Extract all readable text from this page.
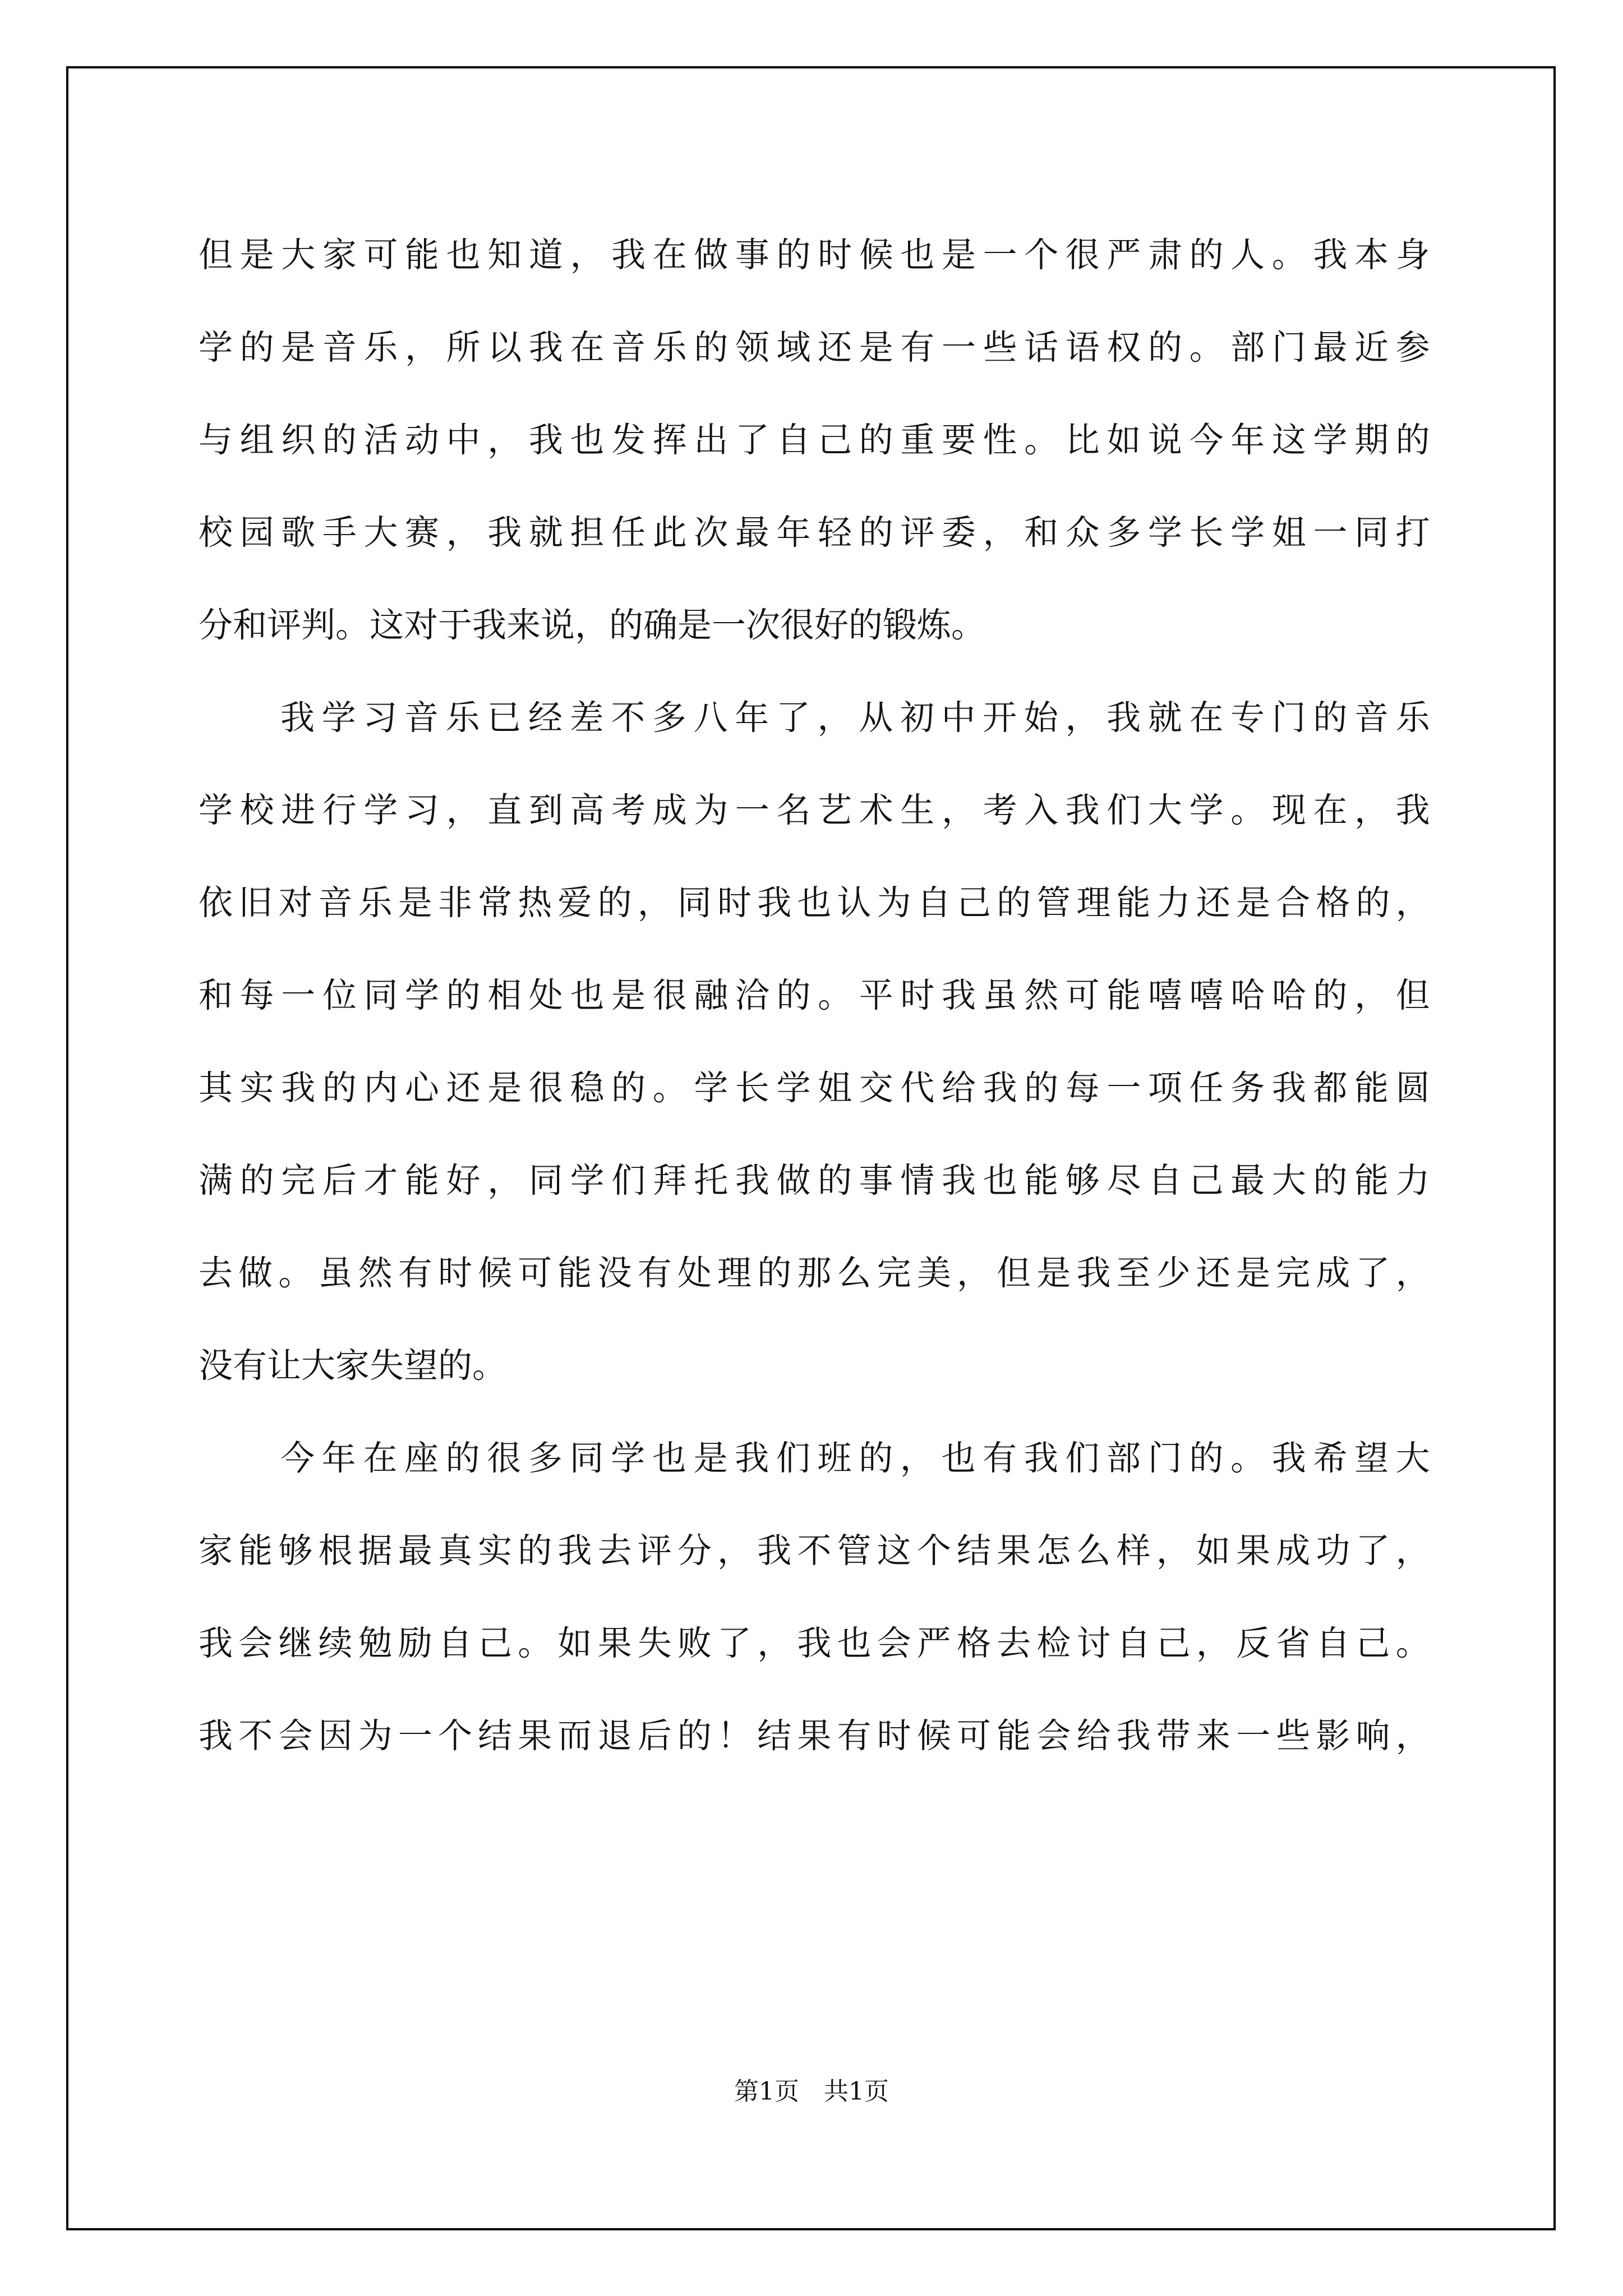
但 是 大 家 可 能 也 知 道 ， 我 在 做 事 的 时 候 也 是 一 个 很 严 肃 的 人 。 我 本 身
学 的 是 音 乐 ， 所 以 我 在 音 乐 的 领 域 还 是 有 一 些 话 语 权 的 。 部 门 最 近 参
与 组 织 的 活 动 中 ， 我 也 发 挥 出 了 自 己 的 重 要 性 。 比 如 说 今 年 这 学 期 的
校 园 歌 手 大 赛 ， 我 就 担 任 此 次 最 年 轻 的 评 委 ， 和 众 多 学 长 学 姐 一 同 打
分和评判。这对于我来说，的确是一次很好的锻炼。
我 学 习 音 乐 已 经 差 不 多 八 年 了 ， 从 初 中 开 始 ， 我 就 在 专 门 的 音 乐
学 校 进 行 学 习 ， 直 到 高 考 成 为 一 名 艺 术 生 ， 考 入 我 们 大 学 。 现 在 ， 我
依 旧 对 音 乐 是 非 常 热 爱 的 ， 同 时 我 也 认 为 自 己 的 管 理 能 力 还 是 合 格 的 ，
和 每 一 位 同 学 的 相 处 也 是 很 融 洽 的 。 平 时 我 虽 然 可 能 嘻 嘻 哈 哈 的 ， 但
其 实 我 的 内 心 还 是 很 稳 的 。 学 长 学 姐 交 代 给 我 的 每 一 项 任 务 我 都 能 圆
满 的 完 后 才 能 好 ， 同 学 们 拜 托 我 做 的 事 情 我 也 能 够 尽 自 己 最 大 的 能 力
去 做 。 虽 然 有 时 候 可 能 没 有 处 理 的 那 么 完 美 ， 但 是 我 至 少 还 是 完 成 了 ，
没有让大家失望的。
今 年 在 座 的 很 多 同 学 也 是 我 们 班 的 ， 也 有 我 们 部 门 的 。 我 希 望 大
家 能 够 根 据 最 真 实 的 我 去 评 分 ， 我 不 管 这 个 结 果 怎 么 样 ， 如 果 成 功 了 ，
我 会 继 续 勉 励 自 己 。 如 果 失 败 了 ， 我 也 会 严 格 去 检 讨 自 己 ， 反 省 自 己 。
我 不 会 因 为 一 个 结 果 而 退 后 的 ！ 结 果 有 时 候 可 能 会 给 我 带 来 一 些 影 响 ，
第1页　共1页
